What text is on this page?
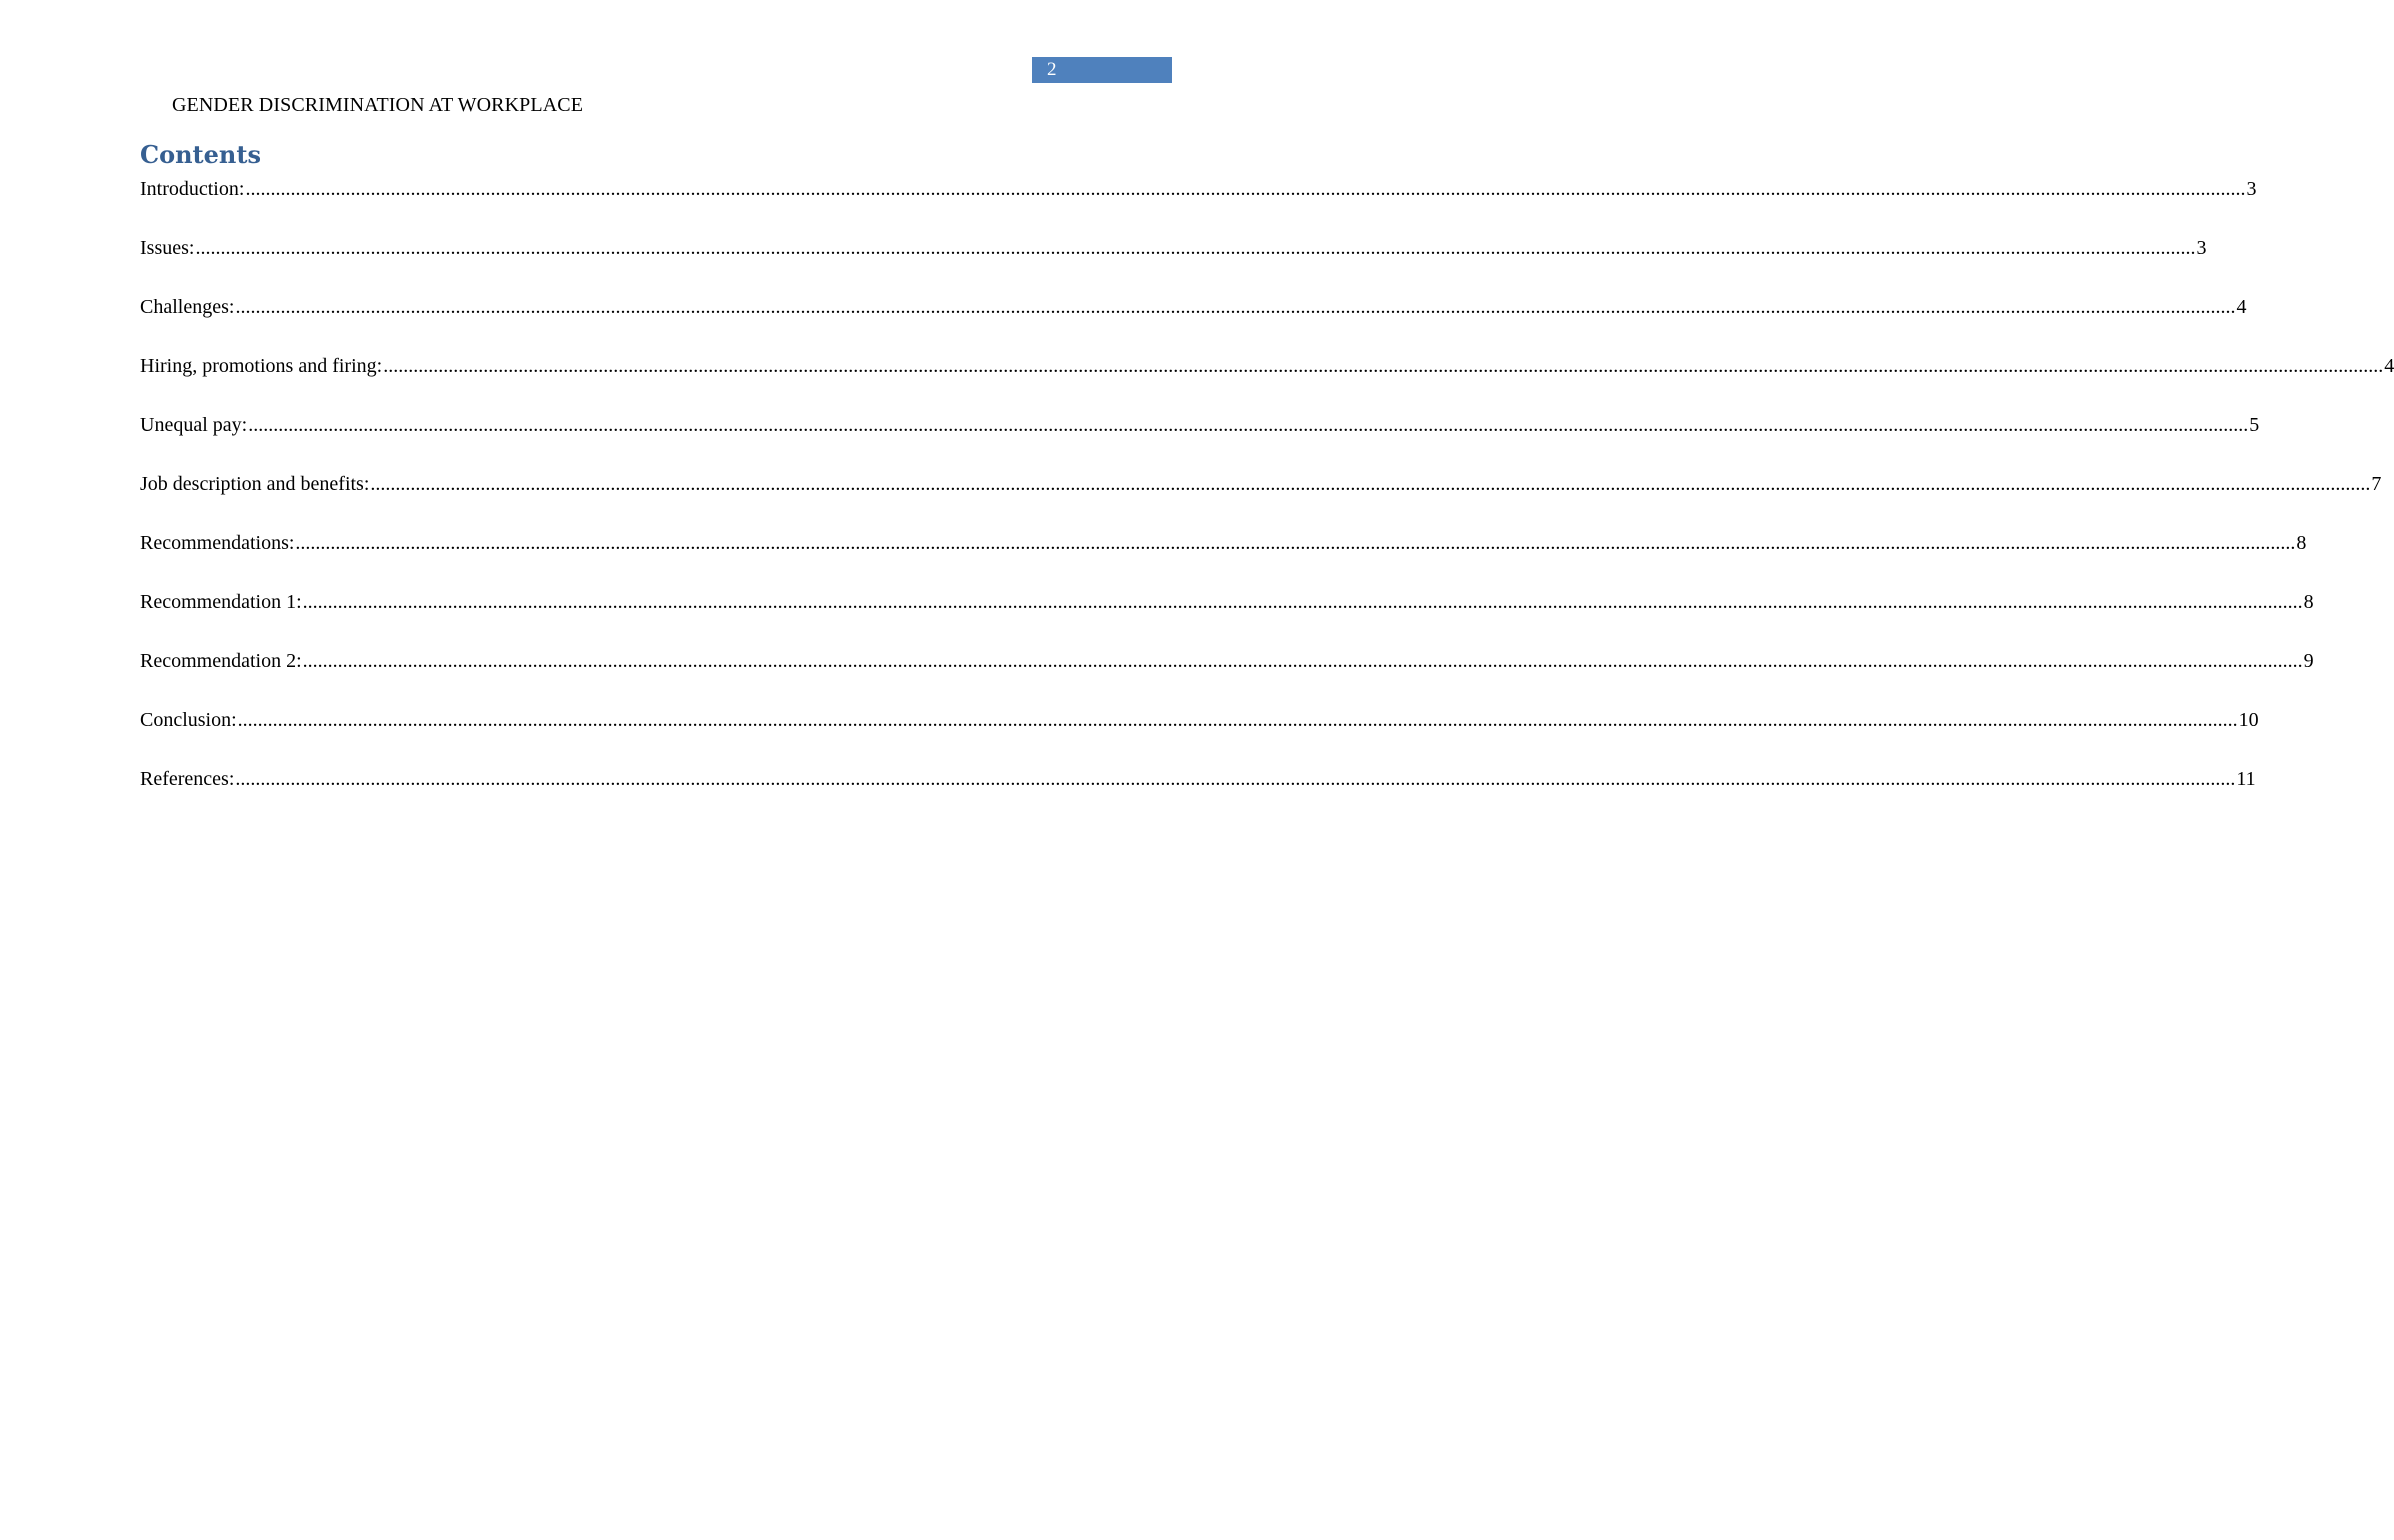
2
GENDER DISCRIMINATION AT WORKPLACE
Contents
Introduction: ................................................................................................................................................................................................................................................................................................................................................................................................................ 3
Issues: ................................................................................................................................................................................................................................................................................................................................................................................................................ 3
Challenges: ................................................................................................................................................................................................................................................................................................................................................................................................................ 4
Hiring, promotions and firing: ................................................................................................................................................................................................................................................................................................................................................................................................................ 4
Unequal pay: ................................................................................................................................................................................................................................................................................................................................................................................................................ 5
Job description and benefits: ................................................................................................................................................................................................................................................................................................................................................................................................................ 7
Recommendations: ................................................................................................................................................................................................................................................................................................................................................................................................................ 8
Recommendation 1: ................................................................................................................................................................................................................................................................................................................................................................................................................ 8
Recommendation 2: ................................................................................................................................................................................................................................................................................................................................................................................................................ 9
Conclusion: ................................................................................................................................................................................................................................................................................................................................................................................................................ 10
References: ................................................................................................................................................................................................................................................................................................................................................................................................................ 11
